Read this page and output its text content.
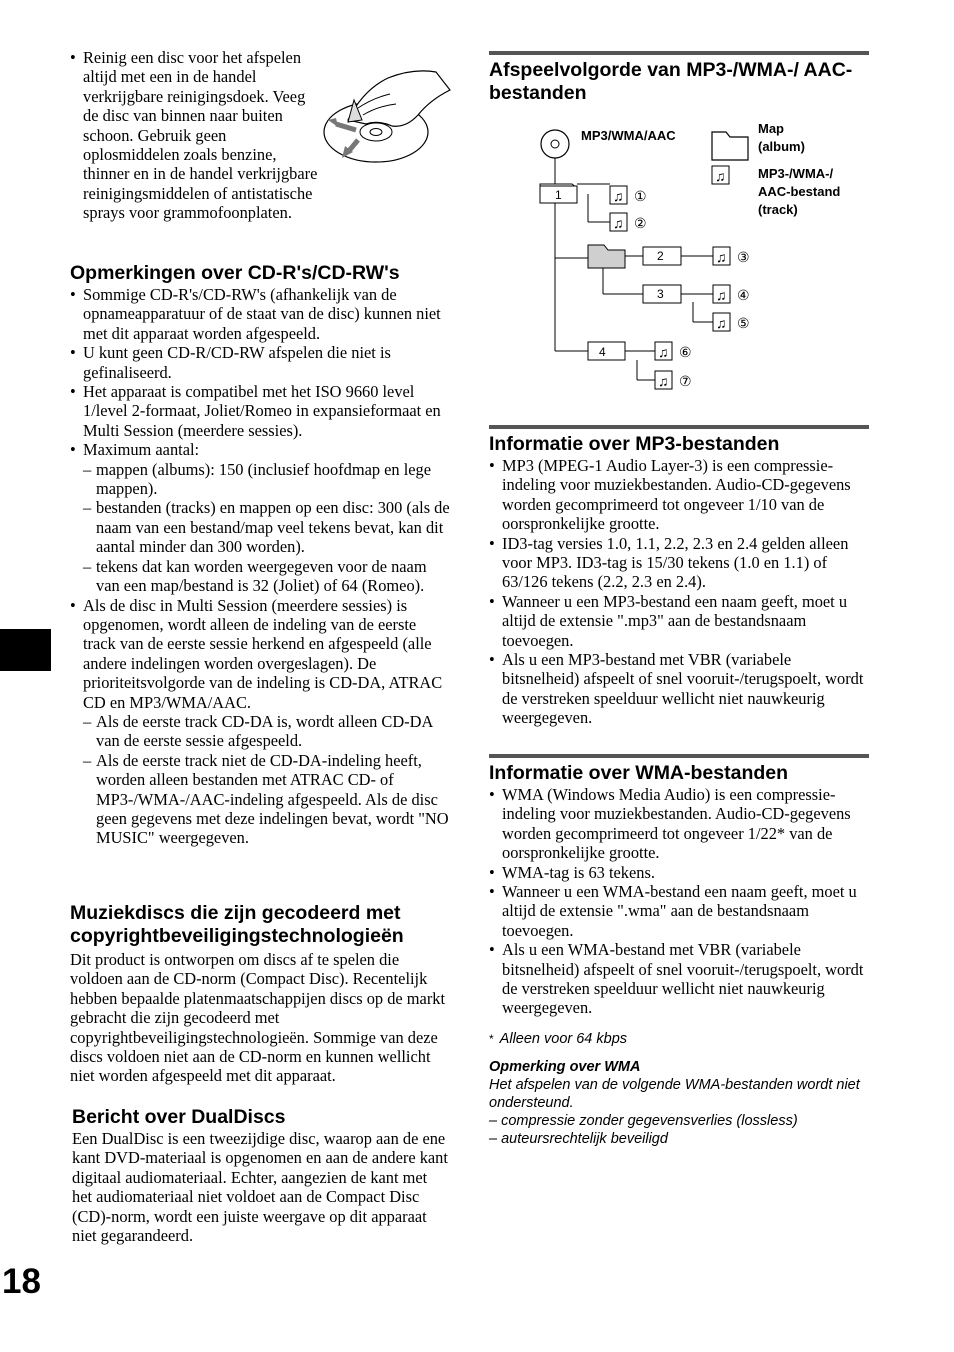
• Reinig een disc voor het afspelen altijd met een in de handel verkrijgbare reinigingsdoek. Veeg de disc van binnen naar buiten schoon. Gebruik geen oplosmiddelen zoals benzine, thinner en in de handel verkrijgbare reinigingsmiddelen of antistatische sprays voor grammofoonplaten.
Opmerkingen over CD-R's/CD-RW's
• Sommige CD-R's/CD-RW's (afhankelijk van de opnameapparatuur of de staat van de disc) kunnen niet met dit apparaat worden afgespeeld.
• U kunt geen CD-R/CD-RW afspelen die niet is gefinaliseerd.
• Het apparaat is compatibel met het ISO 9660 level 1/level 2-formaat, Joliet/Romeo in expansieformaat en Multi Session (meerdere sessies).
• Maximum aantal:
– mappen (albums): 150 (inclusief hoofdmap en lege mappen).
– bestanden (tracks) en mappen op een disc: 300 (als de naam van een bestand/map veel tekens bevat, kan dit aantal minder dan 300 worden).
– tekens dat kan worden weergegeven voor de naam van een map/bestand is 32 (Joliet) of 64 (Romeo).
• Als de disc in Multi Session (meerdere sessies) is opgenomen, wordt alleen de indeling van de eerste track van de eerste sessie herkend en afgespeeld (alle andere indelingen worden overgeslagen). De prioriteitsvolgorde van de indeling is CD-DA, ATRAC CD en MP3/WMA/AAC.
– Als de eerste track CD-DA is, wordt alleen CD-DA van de eerste sessie afgespeeld.
– Als de eerste track niet de CD-DA-indeling heeft, worden alleen bestanden met ATRAC CD- of MP3-/WMA-/AAC-indeling afgespeeld. Als de disc geen gegevens met deze indelingen bevat, wordt "NO MUSIC" weergegeven.
Muziekdiscs die zijn gecodeerd met copyrightbeveiligingstechnologieën

Dit product is ontworpen om discs af te spelen die voldoen aan de CD-norm (Compact Disc). Recentelijk hebben bepaalde platenmaatschappijen discs op de markt gebracht die zijn gecodeerd met copyrightbeveiligingstechnologieën. Sommige van deze discs voldoen niet aan de CD-norm en kunnen wellicht niet worden afgespeeld met dit apparaat.

Bericht over DualDiscs

Een DualDisc is een tweezijdige disc, waarop aan de ene kant DVD-materiaal is opgenomen en aan de andere kant digitaal audiomateriaal. Echter, aangezien de kant met het audiomateriaal niet voldoet aan de Compact Disc (CD)-norm, wordt een juiste weergave op dit apparaat niet gegarandeerd.

18
Afspeelvolgorde van MP3-/WMA-/ AAC-bestanden
MP3/WMA/AAC	Map
(album)
♫	MP3-/WMA-/
AAC-bestand
(track)
1
2
3
4
♫ ①
♫ ②
♫ ③
♫ ④
♫ ⑤
♫ ⑥
♫ ⑦
Informatie over MP3-bestanden
• MP3 (MPEG-1 Audio Layer-3) is een compressie-indeling voor muziekbestanden. Audio-CD-gegevens worden gecomprimeerd tot ongeveer 1/10 van de oorspronkelijke grootte.
• ID3-tag versies 1.0, 1.1, 2.2, 2.3 en 2.4 gelden alleen voor MP3. ID3-tag is 15/30 tekens (1.0 en 1.1) of 63/126 tekens (2.2, 2.3 en 2.4).
• Wanneer u een MP3-bestand een naam geeft, moet u altijd de extensie ".mp3" aan de bestandsnaam toevoegen.
• Als u een MP3-bestand met VBR (variabele bitsnelheid) afspeelt of snel vooruit-/terugspoelt, wordt de verstreken speelduur wellicht niet nauwkeurig weergegeven.
Informatie over WMA-bestanden
• WMA (Windows Media Audio) is een compressie-indeling voor muziekbestanden. Audio-CD-gegevens worden gecomprimeerd tot ongeveer 1/22* van de oorspronkelijke grootte.
• WMA-tag is 63 tekens.
• Wanneer u een WMA-bestand een naam geeft, moet u altijd de extensie ".wma" aan de bestandsnaam toevoegen.
• Als u een WMA-bestand met VBR (variabele bitsnelheid) afspeelt of snel vooruit-/terugspoelt, wordt de verstreken speelduur wellicht niet nauwkeurig weergegeven.
* Alleen voor 64 kbps
Opmerking over WMA
Het afspelen van de volgende WMA-bestanden wordt niet ondersteund.
– compressie zonder gegevensverlies (lossless)
– auteursrechtelijk beveiligd
